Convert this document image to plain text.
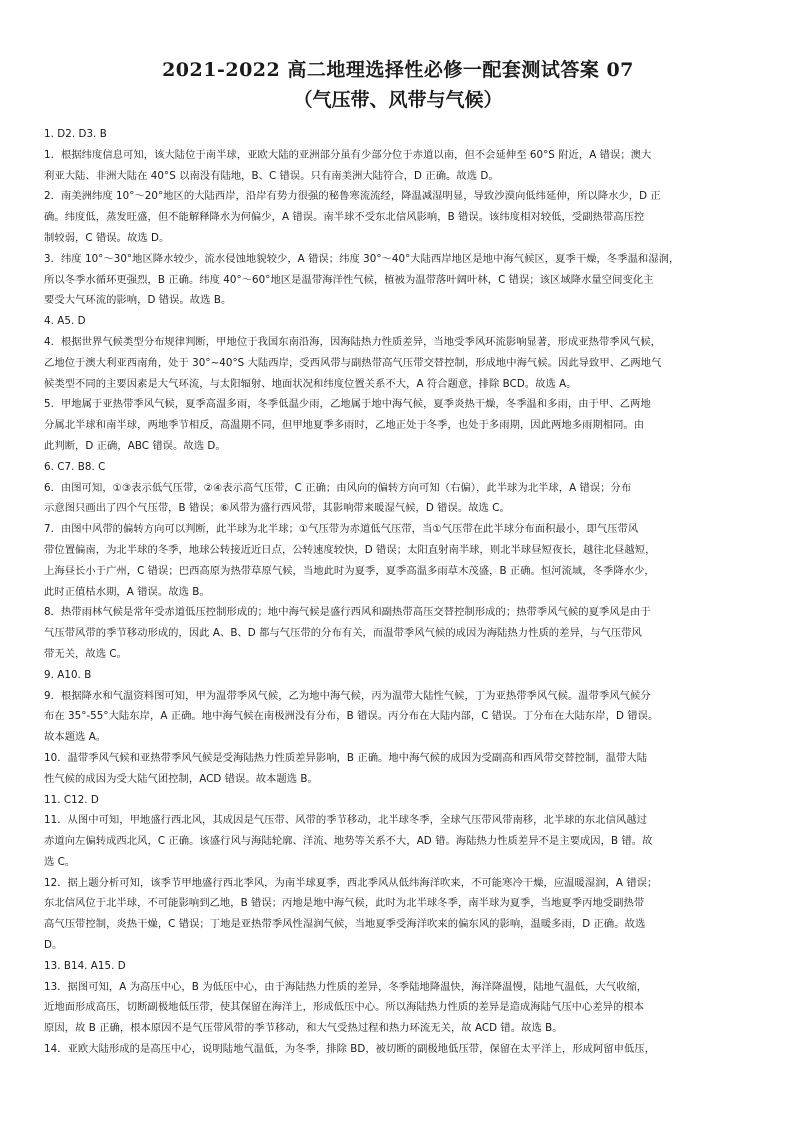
2021-2022 高二地理选择性必修一配套测试答案 07
（气压带、风带与气候）
1. D2. D3. B
1．根据纬度信息可知，该大陆位于南半球，亚欧大陆的亚洲部分虽有少部分位于赤道以南，但不会延伸至 60°S 附近，A 错误；澳大
利亚大陆、非洲大陆在 40°S 以南没有陆地，B、C 错误。只有南美洲大陆符合，D 正确。故选 D。
2．南美洲纬度 10°～20°地区的大陆西岸，沿岸有势力很强的秘鲁寒流流经，降温减湿明显，导致沙漠向低纬延伸，所以降水少，D 正
确。纬度低，蒸发旺盛，但不能解释降水为何偏少，A 错误。南半球不受东北信风影响，B 错误。该纬度相对较低，受副热带高压控
制较弱，C 错误。故选 D。
3．纬度 10°～30°地区降水较少，流水侵蚀地貌较少，A 错误；纬度 30°～40°大陆西岸地区是地中海气候区，夏季干燥，冬季温和湿润，
所以冬季水循环更强烈，B 正确。纬度 40°～60°地区是温带海洋性气候，植被为温带落叶阔叶林，C 错误；该区域降水量空间变化主
要受大气环流的影响，D 错误。故选 B。
4. A5. D
4．根据世界气候类型分布规律判断，甲地位于我国东南沿海，因海陆热力性质差异，当地受季风环流影响显著，形成亚热带季风气候，
乙地位于澳大利亚西南角，处于 30°~40°S 大陆西岸，受西风带与副热带高气压带交替控制，形成地中海气候。因此导致甲、乙两地气
候类型不同的主要因素是大气环流，与太阳辐射、地面状况和纬度位置关系不大，A 符合题意，排除 BCD。故选 A。
5．甲地属于亚热带季风气候，夏季高温多雨，冬季低温少雨，乙地属于地中海气候，夏季炎热干燥，冬季温和多雨，由于甲、乙两地
分属北半球和南半球，两地季节相反，高温期不同，但甲地夏季多雨时，乙地正处于冬季，也处于多雨期，因此两地多雨期相同。由
此判断，D 正确，ABC 错误。故选 D。
6. C7. B8. C
6．由图可知，①③表示低气压带，②④表示高气压带，C 正确；由风向的偏转方向可知（右偏），此半球为北半球，A 错误；分布
示意图只画出了四个气压带，B 错误；⑥风带为盛行西风带，其影响带来暖湿气候，D 错误。故选 C。
7．由图中风带的偏转方向可以判断，此半球为北半球；①气压带为赤道低气压带，当①气压带在此半球分布面积最小，即气压带风
带位置偏南，为北半球的冬季，地球公转接近近日点，公转速度较快，D 错误；太阳直射南半球，则北半球昼短夜长，越往北昼越短，
上海昼长小于广州，C 错误；巴西高原为热带草原气候，当地此时为夏季，夏季高温多雨草木茂盛，B 正确。恒河流域，冬季降水少，
此时正值枯水期，A 错误。故选 B。
8．热带雨林气候是常年受赤道低压控制形成的；地中海气候是盛行西风和副热带高压交替控制形成的；热带季风气候的夏季风是由于
气压带风带的季节移动形成的，因此 A、B、D 都与气压带的分布有关，而温带季风气候的成因为海陆热力性质的差异，与气压带风
带无关，故选 C。
9. A10. B
9．根据降水和气温资料图可知，甲为温带季风气候，乙为地中海气候，丙为温带大陆性气候，丁为亚热带季风气候。温带季风气候分
布在 35°-55°大陆东岸，A 正确。地中海气候在南极洲没有分布，B 错误。丙分布在大陆内部，C 错误。丁分布在大陆东岸，D 错误。
故本题选 A。
10．温带季风气候和亚热带季风气候是受海陆热力性质差异影响，B 正确。地中海气候的成因为受副高和西风带交替控制，温带大陆
性气候的成因为受大陆气团控制，ACD 错误。故本题选 B。
11. C12. D
11．从图中可知，甲地盛行西北风，其成因是气压带、风带的季节移动，北半球冬季，全球气压带风带南移，北半球的东北信风越过
赤道向左偏转成西北风，C 正确。该盛行风与海陆轮廓、洋流、地势等关系不大，AD 错。海陆热力性质差异不是主要成因，B 错。故
选 C。
12．据上题分析可知，该季节甲地盛行西北季风，为南半球夏季，西北季风从低纬海洋吹来，不可能寒冷干燥，应温暖湿润，A 错误；
东北信风位于北半球，不可能影响到乙地，B 错误；丙地是地中海气候，此时为北半球冬季，南半球为夏季，当地夏季丙地受副热带
高气压带控制，炎热干燥，C 错误；丁地是亚热带季风性湿润气候，当地夏季受海洋吹来的偏东风的影响，温暖多雨，D 正确。故选
D。
13. B14. A15. D
13．据图可知，A 为高压中心，B 为低压中心，由于海陆热力性质的差异，冬季陆地降温快，海洋降温慢，陆地气温低，大气收缩，
近地面形成高压，切断副极地低压带，使其保留在海洋上，形成低压中心。所以海陆热力性质的差异是造成海陆气压中心差异的根本
原因，故 B 正确，根本原因不是气压带风带的季节移动，和大气受热过程和热力环流无关，故 ACD 错。故选 B。
14．亚欧大陆形成的是高压中心，说明陆地气温低，为冬季，排除 BD，被切断的副极地低压带，保留在太平洋上，形成阿留申低压，
